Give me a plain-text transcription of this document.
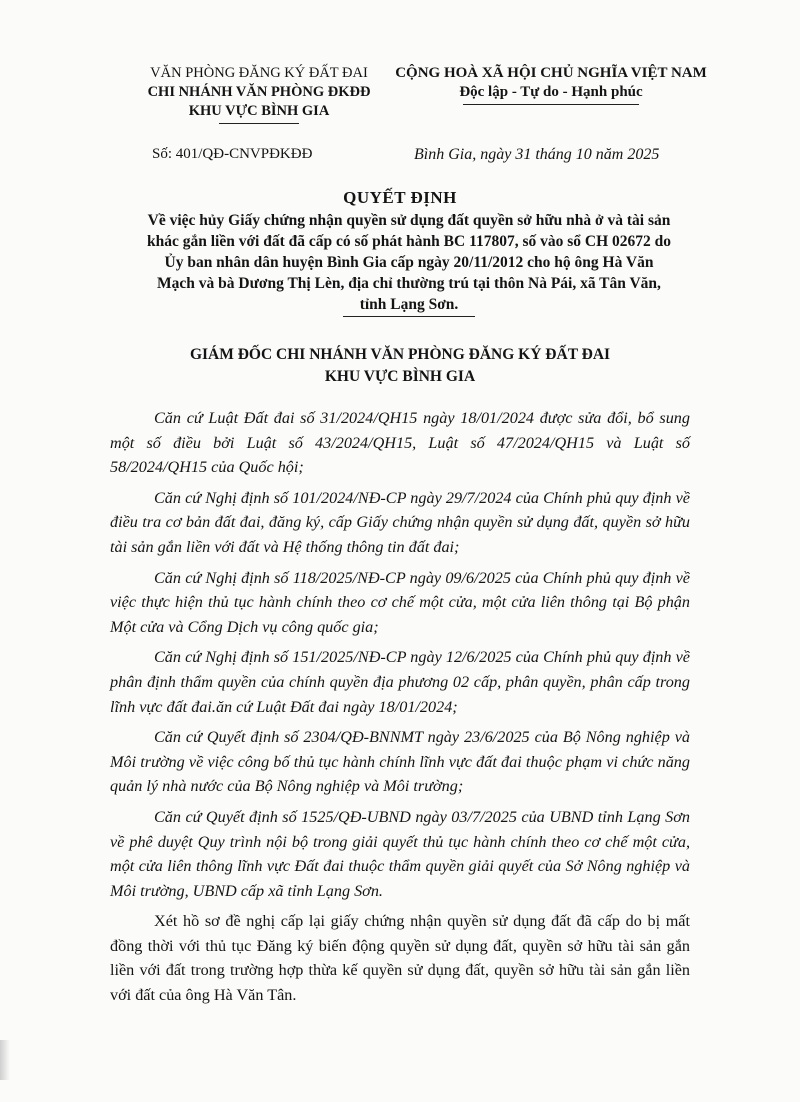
VĂN PHÒNG ĐĂNG KÝ ĐẤT ĐAI
CHI NHÁNH VĂN PHÒNG ĐKĐĐ
KHU VỰC BÌNH GIA
CỘNG HOÀ XÃ HỘI CHỦ NGHĨA VIỆT NAM
Độc lập - Tự do - Hạnh phúc
Số: 401/QĐ-CNVPĐKĐĐ	Bình Gia, ngày 31 tháng 10 năm 2025
QUYẾT ĐỊNH
Về việc hủy Giấy chứng nhận quyền sử dụng đất quyền sở hữu nhà ở và tài sản
khác gắn liền với đất đã cấp có số phát hành BC 117807, số vào sổ CH 02672 do
Ủy ban nhân dân huyện Bình Gia cấp ngày 20/11/2012 cho hộ ông Hà Văn
Mạch và bà Dương Thị Lèn, địa chỉ thường trú tại thôn Nà Pái, xã Tân Văn,
tỉnh Lạng Sơn.
GIÁM ĐỐC CHI NHÁNH VĂN PHÒNG ĐĂNG KÝ ĐẤT ĐAI
KHU VỰC BÌNH GIA

Căn cứ Luật Đất đai số 31/2024/QH15 ngày 18/01/2024 được sửa đổi, bổ sung một số điều bởi Luật số 43/2024/QH15, Luật số 47/2024/QH15 và Luật số 58/2024/QH15 của Quốc hội;

Căn cứ Nghị định số 101/2024/NĐ-CP ngày 29/7/2024 của Chính phủ quy định về điều tra cơ bản đất đai, đăng ký, cấp Giấy chứng nhận quyền sử dụng đất, quyền sở hữu tài sản gắn liền với đất và Hệ thống thông tin đất đai;

Căn cứ Nghị định số 118/2025/NĐ-CP ngày 09/6/2025 của Chính phủ quy định về việc thực hiện thủ tục hành chính theo cơ chế một cửa, một cửa liên thông tại Bộ phận Một cửa và Cổng Dịch vụ công quốc gia;

Căn cứ Nghị định số 151/2025/NĐ-CP ngày 12/6/2025 của Chính phủ quy định về phân định thẩm quyền của chính quyền địa phương 02 cấp, phân quyền, phân cấp trong lĩnh vực đất đai.ăn cứ Luật Đất đai ngày 18/01/2024;

Căn cứ Quyết định số 2304/QĐ-BNNMT ngày 23/6/2025 của Bộ Nông nghiệp và Môi trường về việc công bố thủ tục hành chính lĩnh vực đất đai thuộc phạm vi chức năng quản lý nhà nước của Bộ Nông nghiệp và Môi trường;

Căn cứ Quyết định số 1525/QĐ-UBND ngày 03/7/2025 của UBND tỉnh Lạng Sơn về phê duyệt Quy trình nội bộ trong giải quyết thủ tục hành chính theo cơ chế một cửa, một cửa liên thông lĩnh vực Đất đai thuộc thẩm quyền giải quyết của Sở Nông nghiệp và Môi trường, UBND cấp xã tỉnh Lạng Sơn.

Xét hồ sơ đề nghị cấp lại giấy chứng nhận quyền sử dụng đất đã cấp do bị mất đồng thời với thủ tục Đăng ký biến động quyền sử dụng đất, quyền sở hữu tài sản gắn liền với đất trong trường hợp thừa kế quyền sử dụng đất, quyền sở hữu tài sản gắn liền với đất của ông Hà Văn Tân.
